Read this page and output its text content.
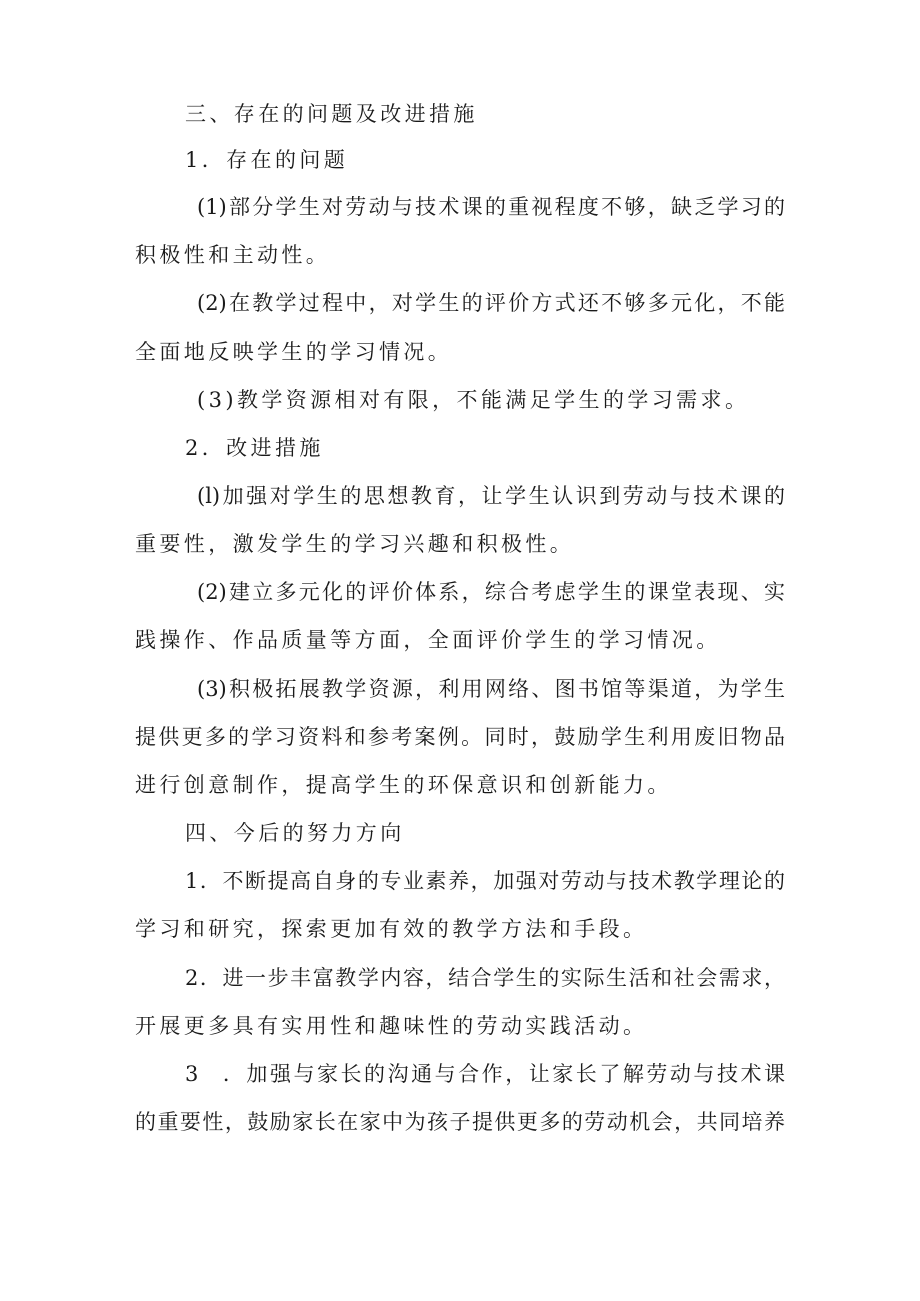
三、存在的问题及改进措施
1．存在的问题
(1)部分学生对劳动与技术课的重视程度不够，缺乏学习的
积极性和主动性。
(2)在教学过程中，对学生的评价方式还不够多元化，不能
全面地反映学生的学习情况。
(3)教学资源相对有限，不能满足学生的学习需求。
2．改进措施
(l)加强对学生的思想教育，让学生认识到劳动与技术课的
重要性，激发学生的学习兴趣和积极性。
(2)建立多元化的评价体系，综合考虑学生的课堂表现、实
践操作、作品质量等方面，全面评价学生的学习情况。
(3)积极拓展教学资源，利用网络、图书馆等渠道，为学生
提供更多的学习资料和参考案例。同时，鼓励学生利用废旧物品
进行创意制作，提高学生的环保意识和创新能力。
四、今后的努力方向
1．不断提高自身的专业素养，加强对劳动与技术教学理论的
学习和研究，探索更加有效的教学方法和手段。
2．进一步丰富教学内容，结合学生的实际生活和社会需求，
开展更多具有实用性和趣味性的劳动实践活动。
3 ．加强与家长的沟通与合作，让家长了解劳动与技术课
的重要性，鼓励家长在家中为孩子提供更多的劳动机会，共同培养
